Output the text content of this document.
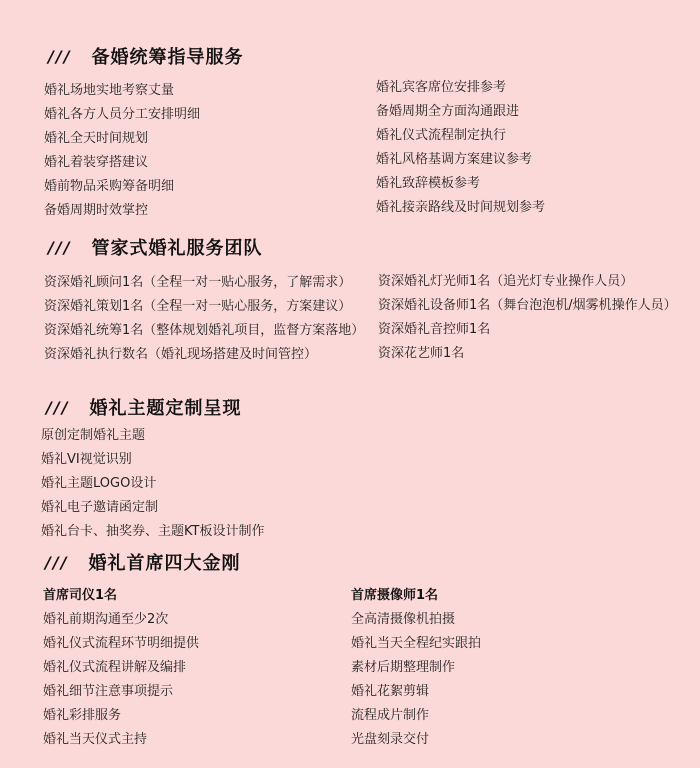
/// 备婚统筹指导服务
婚礼场地实地考察丈量
婚礼各方人员分工安排明细
婚礼全天时间规划
婚礼着装穿搭建议
婚前物品采购筹备明细
备婚周期时效掌控
婚礼宾客席位安排参考
备婚周期全方面沟通跟进
婚礼仪式流程制定执行
婚礼风格基调方案建议参考
婚礼致辞模板参考
婚礼接亲路线及时间规划参考
/// 管家式婚礼服务团队
资深婚礼顾问1名（全程一对一贴心服务，了解需求）
资深婚礼策划1名（全程一对一贴心服务，方案建议）
资深婚礼统筹1名（整体规划婚礼项目，监督方案落地）
资深婚礼执行数名（婚礼现场搭建及时间管控）
资深婚礼灯光师1名（追光灯专业操作人员）
资深婚礼设备师1名（舞台泡泡机/烟雾机操作人员）
资深婚礼音控师1名
资深花艺师1名
/// 婚礼主题定制呈现
原创定制婚礼主题
婚礼VI视觉识别
婚礼主题LOGO设计
婚礼电子邀请函定制
婚礼台卡、抽奖券、主题KT板设计制作
/// 婚礼首席四大金刚
首席司仪1名
婚礼前期沟通至少2次
婚礼仪式流程环节明细提供
婚礼仪式流程讲解及编排
婚礼细节注意事项提示
婚礼彩排服务
婚礼当天仪式主持
首席摄像师1名
全高清摄像机拍摄
婚礼当天全程纪实跟拍
素材后期整理制作
婚礼花絮剪辑
流程成片制作
光盘刻录交付
